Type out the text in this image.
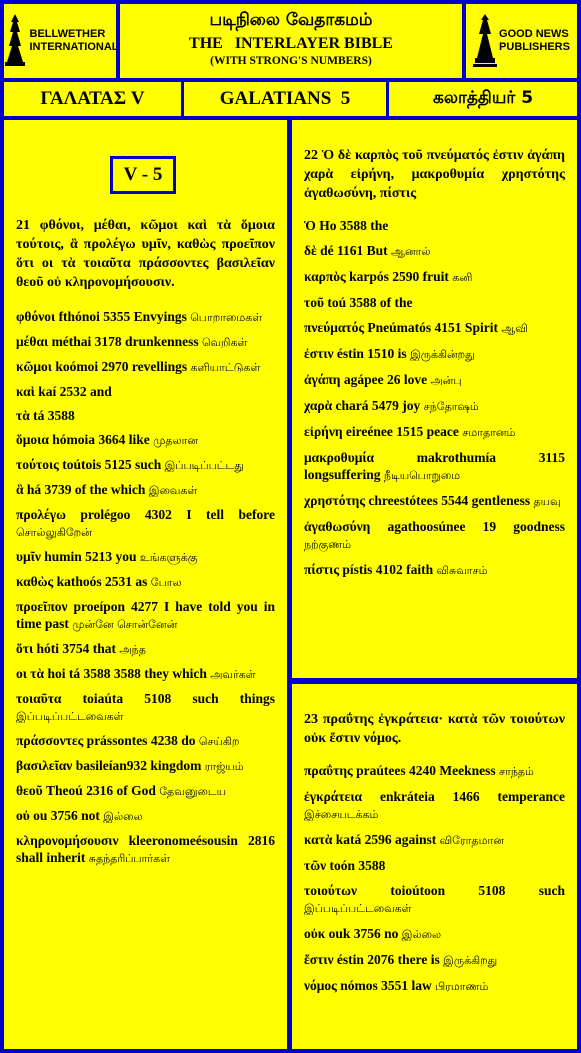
BELLWETHER
INTERNATIONAL
படிநிலை வேதாகமம்
THE   INTERLAYER BIBLE
(WITH STRONG'S NUMBERS)
GOOD NEWS
PUBLISHERS
ΓΑΛΑΤΑΣ V	GALATIANS  5	கலாத்தியர் 5

21 φθόνοι, μέθαι, κῶμοι καὶ τὰ ὅμοια τούτοις, ἃ προλέγω υμῖν, καθὼς προεῖπον ὅτι οι τὰ τοιαῦτα πράσσοντες βασιλεῖαν θεοῦ οὐ κληρονομήσουσιν.

φθόνοι fthónoi 5355 Envyings பொறாமைகள்

μέθαι méthai 3178 drunkenness வெறிகள்

κῶμοι koómoi 2970 revellings களியாட்டுகள்

καὶ kaí 2532 and

τὰ tá 3588

ὅμοια hómoia 3664 like முதலான

τούτοις toútois 5125 such இப்படிப்பட்டது

ἃ há 3739 of the which இவைகள்

προλέγω prolégoo 4302 I tell before சொல்லுகிறேன்

υμῖν humin 5213 you உங்களுக்கு

καθὼς kathoós 2531 as போல

προεῖπον proeípon 4277 I have told you in time past முன்னே சொன்னேன்

ὅτι hóti 3754 that அந்த

οι τὰ hoi tá 3588 3588 they which அவர்கள்

τοιαῦτα toiaúta 5108 such things இப்படிப்பட்டவைகள்

πράσσοντες prássontes 4238 do செய்கிற

βασιλεῖαν basileían932 kingdom ராஜ்யம்

θεοῦ Theoú 2316 of God தேவனுடைய

οὐ ou 3756 not இல்லை

κληρονομήσουσιν kleeronomeésousin 2816 shall inherit சுதந்தரிப்பார்கள்

V - 5

22 Ὁ δὲ καρπὸς τοῦ πνεύματός ἐστιν ἀγάπη χαρὰ εἰρήνη, μακροθυμία χρηστότης ἀγαθωσύνη, πίστις

Ὁ Ho 3588 the

δὲ dé 1161 But ஆனால்

καρπὸς karpós 2590 fruit கனி

τοῦ toú 3588 of the

πνεύματός Pneúmatós 4151 Spirit ஆவி

ἐστιν éstin 1510 is இருக்கின்றது

ἀγάπη agápee 26 love அன்பு

χαρὰ chará 5479 joy சந்தோஷம்

εἰρήνη eireénee 1515 peace சமாதானம்

μακροθυμία makrothumía 3115 longsuffering நீடியபொறுமை

χρηστότης chreestótees 5544 gentleness தயவு

ἀγαθωσύνη agathoosúnee 19 goodness நற்குணம்

πίστις pístis 4102 faith விசுவாசம்

23 πραΰτης ἐγκράτεια· κατὰ τῶν τοιούτων οὐκ ἔστιν νόμος.

πραΰτης praútees 4240 Meekness சாந்தம்

ἐγκράτεια enkráteia 1466 temperance இச்சையடக்கம்

κατὰ katá 2596 against விரோதமான

τῶν toón 3588

τοιούτων toioútoon 5108 such இப்படிப்பட்டவைகள்

οὐκ ouk 3756 no இல்லை

ἔστιν éstin 2076 there is இருக்கிறது

νόμος nómos 3551 law பிரமாணம்
